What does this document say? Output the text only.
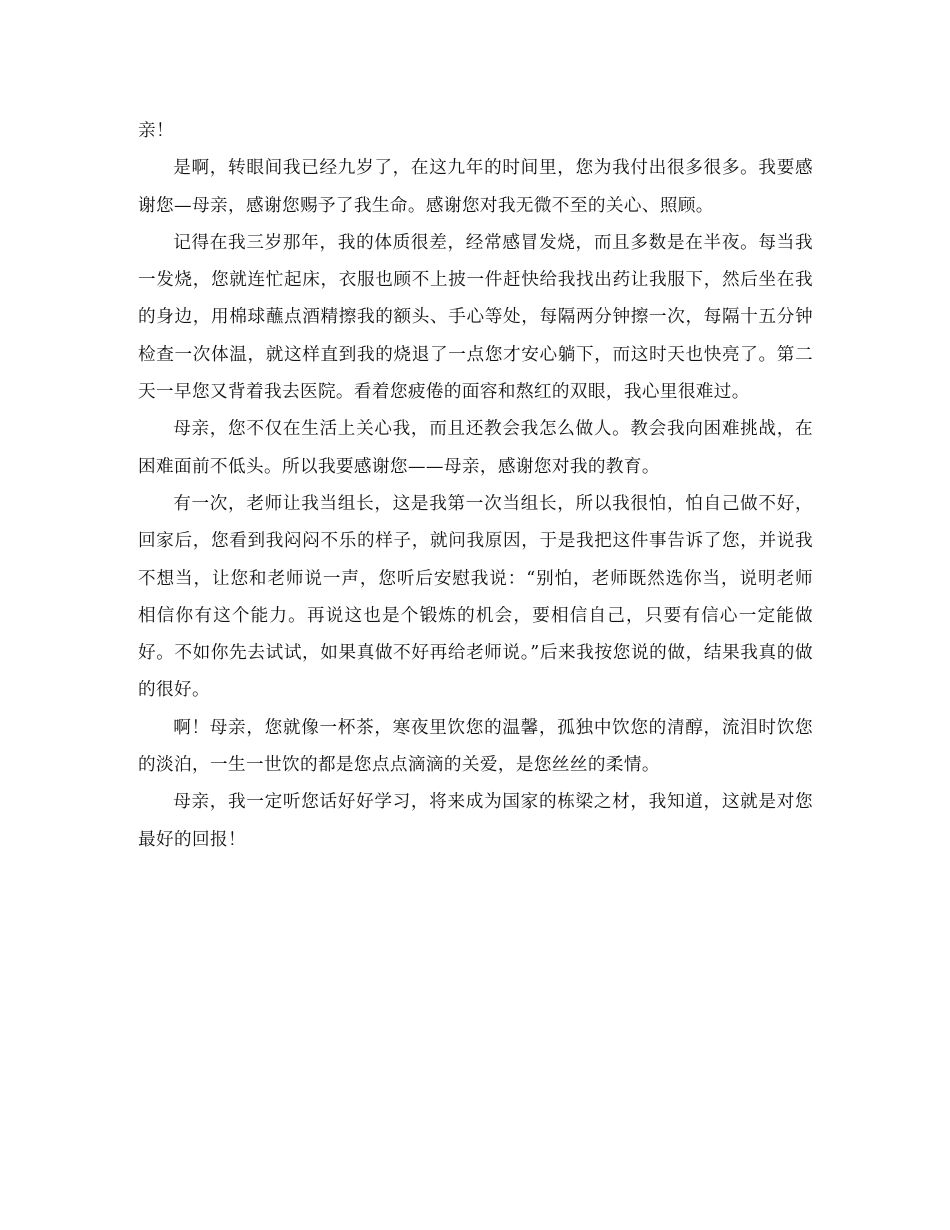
亲！

是啊，转眼间我已经九岁了，在这九年的时间里，您为我付出很多很多。我要感谢您—母亲，感谢您赐予了我生命。感谢您对我无微不至的关心、照顾。

记得在我三岁那年，我的体质很差，经常感冒发烧，而且多数是在半夜。每当我一发烧，您就连忙起床，衣服也顾不上披一件赶快给我找出药让我服下，然后坐在我的身边，用棉球蘸点酒精擦我的额头、手心等处，每隔两分钟擦一次，每隔十五分钟检查一次体温，就这样直到我的烧退了一点您才安心躺下，而这时天也快亮了。第二天一早您又背着我去医院。看着您疲倦的面容和熬红的双眼，我心里很难过。

母亲，您不仅在生活上关心我，而且还教会我怎么做人。教会我向困难挑战，在困难面前不低头。所以我要感谢您——母亲，感谢您对我的教育。

有一次，老师让我当组长，这是我第一次当组长，所以我很怕，怕自己做不好，回家后，您看到我闷闷不乐的样子，就问我原因，于是我把这件事告诉了您，并说我不想当，让您和老师说一声，您听后安慰我说：“别怕，老师既然选你当，说明老师相信你有这个能力。再说这也是个锻炼的机会，要相信自己，只要有信心一定能做好。不如你先去试试，如果真做不好再给老师说。”后来我按您说的做，结果我真的做的很好。

啊！母亲，您就像一杯茶，寒夜里饮您的温馨，孤独中饮您的清醇，流泪时饮您的淡泊，一生一世饮的都是您点点滴滴的关爱，是您丝丝的柔情。

母亲，我一定听您话好好学习，将来成为国家的栋梁之材，我知道，这就是对您最好的回报！
